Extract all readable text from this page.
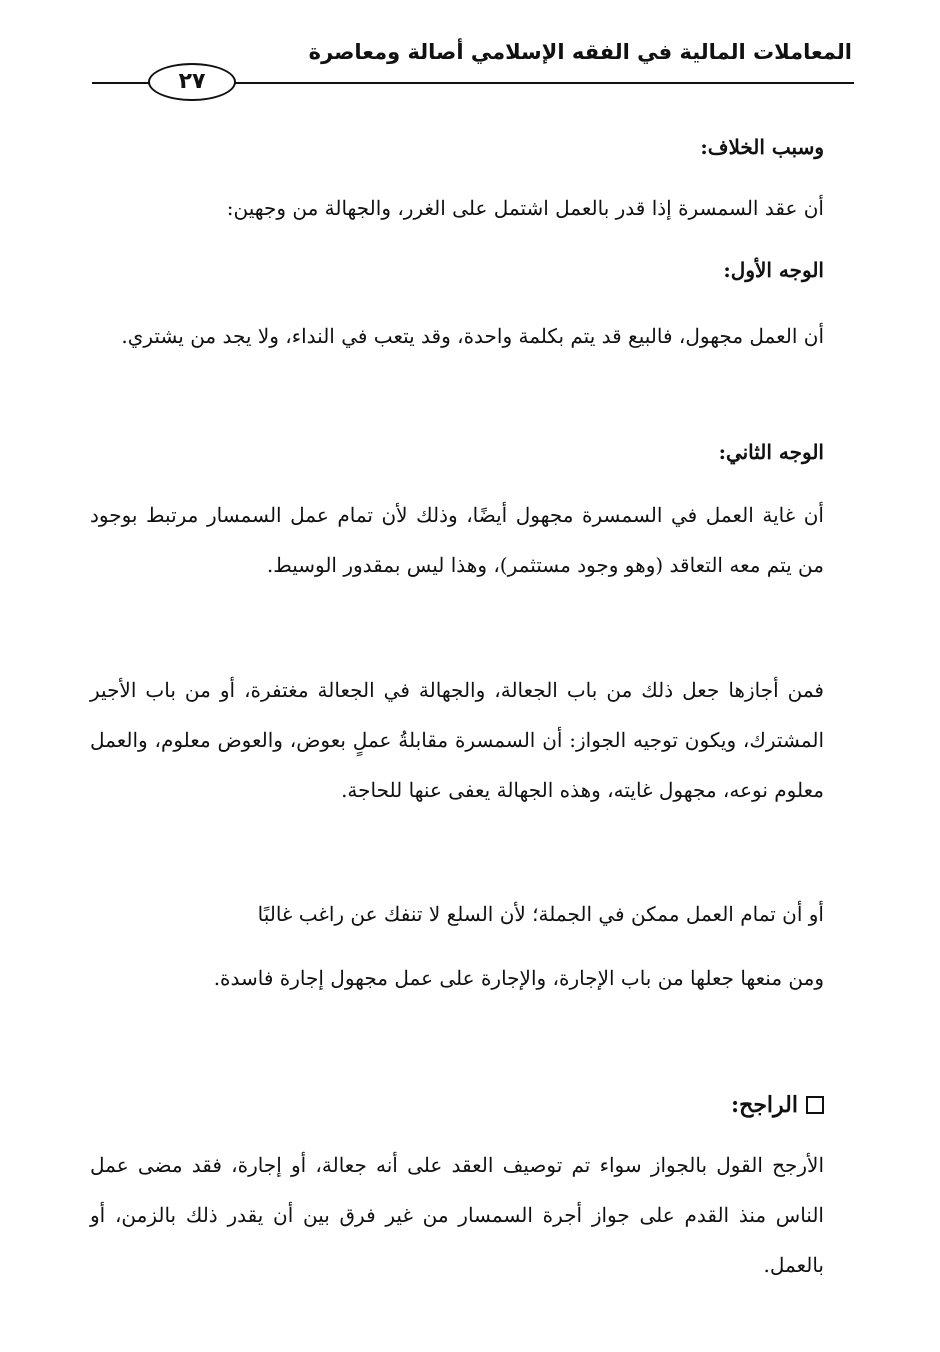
المعاملات المالية في الفقه الإسلامي أصالة ومعاصرة
٢٧
وسبب الخلاف:
أن عقد السمسرة إذا قدر بالعمل اشتمل على الغرر، والجهالة من وجهين:
الوجه الأول:
أن العمل مجهول، فالبيع قد يتم بكلمة واحدة، وقد يتعب في النداء، ولا يجد من يشتري.
الوجه الثاني:
أن غاية العمل في السمسرة مجهول أيضًا، وذلك لأن تمام عمل السمسار مرتبط بوجود من يتم معه التعاقد (وهو وجود مستثمر)، وهذا ليس بمقدور الوسيط.
فمن أجازها جعل ذلك من باب الجعالة، والجهالة في الجعالة مغتفرة، أو من باب الأجير المشترك، ويكون توجيه الجواز: أن السمسرة مقابلةُ عملٍ بعوض، والعوض معلوم، والعمل معلوم نوعه، مجهول غايته، وهذه الجهالة يعفى عنها للحاجة.
أو أن تمام العمل ممكن في الجملة؛ لأن السلع لا تنفك عن راغب غالبًا
ومن منعها جعلها من باب الإجارة، والإجارة على عمل مجهول إجارة فاسدة.
الراجح:
الأرجح القول بالجواز سواء تم توصيف العقد على أنه جعالة، أو إجارة، فقد مضى عمل الناس منذ القدم على جواز أجرة السمسار من غير فرق بين أن يقدر ذلك بالزمن، أو بالعمل.
